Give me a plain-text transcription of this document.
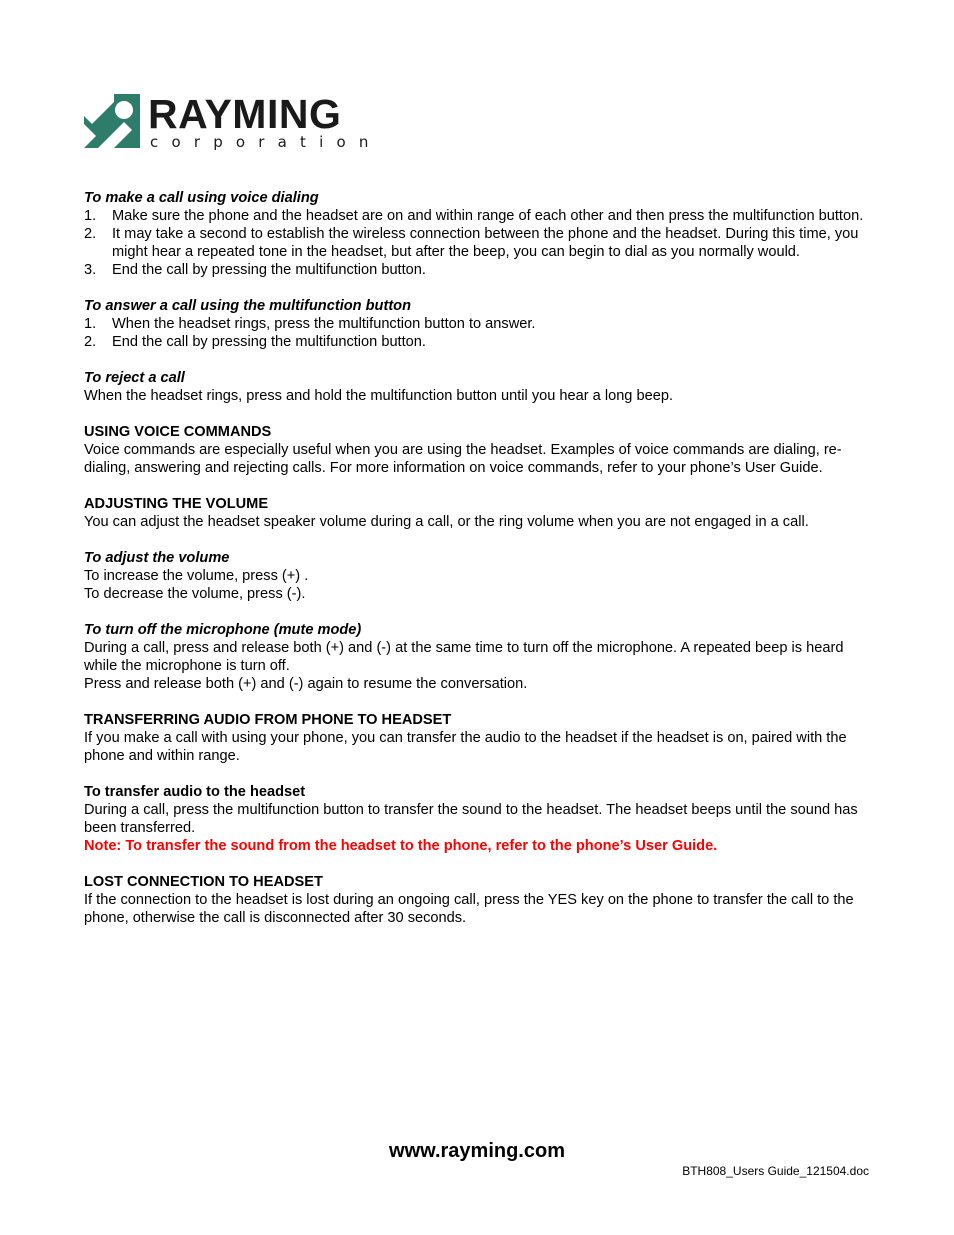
RAYMING
corporation

To make a call using voice dialing

1. Make sure the phone and the headset are on and within range of each other and then press the multifunction button.
2. It may take a second to establish the wireless connection between the phone and the headset. During this time, you might hear a repeated tone in the headset, but after the beep, you can begin to dial as you normally would.
3. End the call by pressing the multifunction button.

To answer a call using the multifunction button

1. When the headset rings, press the multifunction button to answer.
2. End the call by pressing the multifunction button.

To reject a call

When the headset rings, press and hold the multifunction button until you hear a long beep.

USING VOICE COMMANDS

Voice commands are especially useful when you are using the headset. Examples of voice commands are dialing, re-dialing, answering and rejecting calls. For more information on voice commands, refer to your phone’s User Guide.

ADJUSTING THE VOLUME

You can adjust the headset speaker volume during a call, or the ring volume when you are not engaged in a call.

To adjust the volume

To increase the volume, press (+) .

To decrease the volume, press (-).

To turn off the microphone (mute mode)

During a call, press and release both (+) and (-) at the same time to turn off the microphone. A repeated beep is heard while the microphone is turn off.

Press and release both (+) and (-) again to resume the conversation.

TRANSFERRING AUDIO FROM PHONE TO HEADSET

If you make a call with using your phone, you can transfer the audio to the headset if the headset is on, paired with the phone and within range.

To transfer audio to the headset

During a call, press the multifunction button to transfer the sound to the headset. The headset beeps until the sound has been transferred.

Note: To transfer the sound from the headset to the phone, refer to the phone’s User Guide.

LOST CONNECTION TO HEADSET

If the connection to the headset is lost during an ongoing call, press the YES key on the phone to transfer the call to the phone, otherwise the call is disconnected after 30 seconds.

www.rayming.com
BTH808_Users Guide_121504.doc
